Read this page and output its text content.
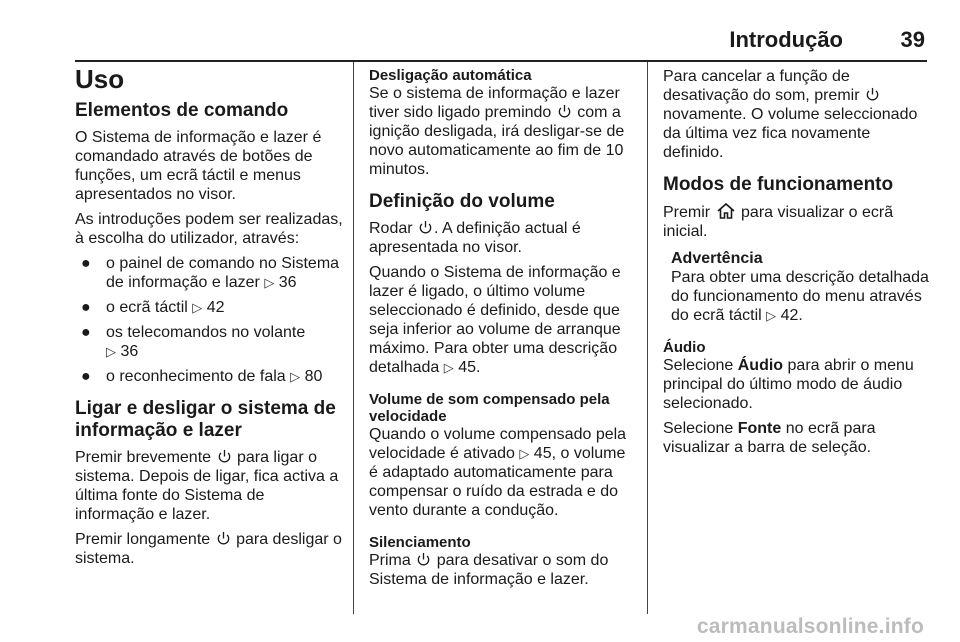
Introdução	39
Uso
Elementos de comando

O Sistema de informação e lazer é comandado através de botões de funções, um ecrã táctil e menus apresentados no visor.

As introduções podem ser realizadas, à escolha do utilizador, através:

● o painel de comando no Sistema de informação e lazer ▷ 36
● o ecrã táctil ▷ 42
● os telecomandos no volante
▷ 36
● o reconhecimento de fala ▷ 80
Ligar e desligar o sistema de informação e lazer

Premir brevemente para ligar o sistema. Depois de ligar, fica activa a última fonte do Sistema de informação e lazer.

Premir longamente para desligar o sistema.

Desligação automática

Se o sistema de informação e lazer tiver sido ligado premindo com a ignição desligada, irá desligar-se de novo automaticamente ao fim de 10 minutos.

Definição do volume

Rodar . A definição actual é apresentada no visor.

Quando o Sistema de informação e lazer é ligado, o último volume seleccionado é definido, desde que seja inferior ao volume de arranque máximo. Para obter uma descrição detalhada ▷ 45.

Volume de som compensado pela velocidade

Quando o volume compensado pela velocidade é ativado ▷ 45, o volume é adaptado automaticamente para compensar o ruído da estrada e do vento durante a condução.

Silenciamento

Prima para desativar o som do Sistema de informação e lazer.

Para cancelar a função de desativação do som, premir  novamente. O volume seleccionado da última vez fica novamente definido.

Modos de funcionamento

Premir para visualizar o ecrã inicial.

Advertência
Para obter uma descrição detalhada do funcionamento do menu através do ecrã táctil ▷ 42.
Áudio

Selecione Áudio para abrir o menu principal do último modo de áudio selecionado.

Selecione Fonte no ecrã para visualizar a barra de seleção.

carmanualsonline.info
